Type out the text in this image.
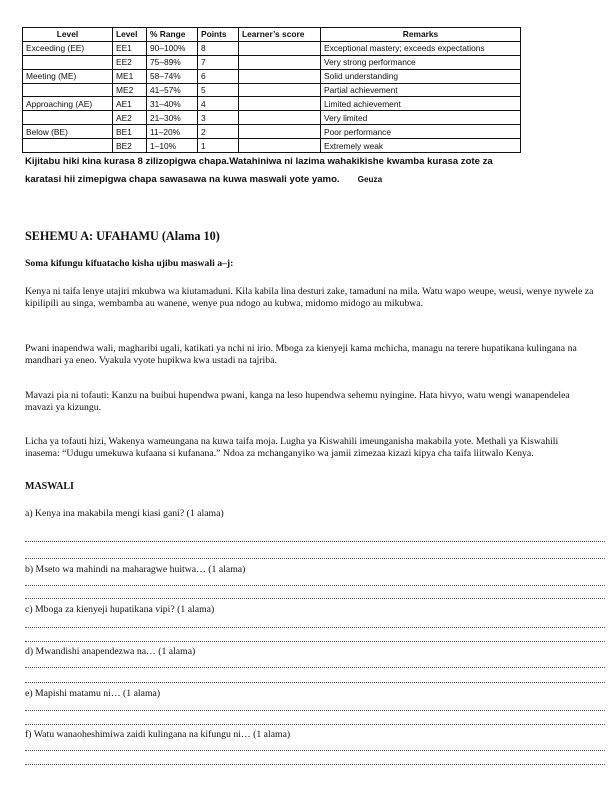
Level	Level	% Range	Points	Learner’s score	Remarks
Exceeding (EE)	EE1	90–100%	8		Exceptional mastery; exceeds expectations
	EE2	75–89%	7		Very strong performance
Meeting (ME)	ME1	58–74%	6		Solid understanding
	ME2	41–57%	5		Partial achievement
Approaching (AE)	AE1	31–40%	4		Limited achievement
	AE2	21–30%	3		Very limited
Below (BE)	BE1	11–20%	2		Poor performance
	BE2	1–10%	1		Extremely weak
Kijitabu hiki kina kurasa 8 zilizopigwa chapa.Watahiniwa ni lazima wahakikishe kwamba kurasa zote za
karatasi hii zimepigwa chapa sawasawa na kuwa maswali yote yamo. Geuza
SEHEMU A: UFAHAMU (Alama 10)
Soma kifungu kifuatacho kisha ujibu maswali a–j:
Kenya ni taifa lenye utajiri mkubwa wa kiutamaduni. Kila kabila lina desturi zake, tamaduni na mila. Watu wapo weupe, weusi, wenye nywele za kipilipili au singa, wembamba au wanene, wenye pua ndogo au kubwa, midomo midogo au mikubwa.
Pwani inapendwa wali, magharibi ugali, katikati ya nchi ni irio. Mboga za kienyeji kama mchicha, managu na terere hupatikana kulingana na mandhari ya eneo. Vyakula vyote hupikwa kwa ustadi na tajriba.
Mavazi pia ni tofauti: Kanzu na buibui hupendwa pwani, kanga na leso hupendwa sehemu nyingine. Hata hivyo, watu wengi wanapendelea mavazi ya kizungu.
Licha ya tofauti hizi, Wakenya wameungana na kuwa taifa moja. Lugha ya Kiswahili imeunganisha makabila yote. Methali ya Kiswahili inasema: “Udugu umekuwa kufaana si kufanana.” Ndoa za mchanganyiko wa jamii zimezaa kizazi kipya cha taifa liitwalo Kenya.
MASWALI
a) Kenya ina makabila mengi kiasi gani? (1 alama)
b) Mseto wa mahindi na maharagwe huitwa… (1 alama)
c) Mboga za kienyeji hupatikana vipi? (1 alama)
d) Mwandishi anapendezwa na… (1 alama)
e) Mapishi matamu ni… (1 alama)
f) Watu wanaoheshimiwa zaidi kulingana na kifungu ni… (1 alama)
